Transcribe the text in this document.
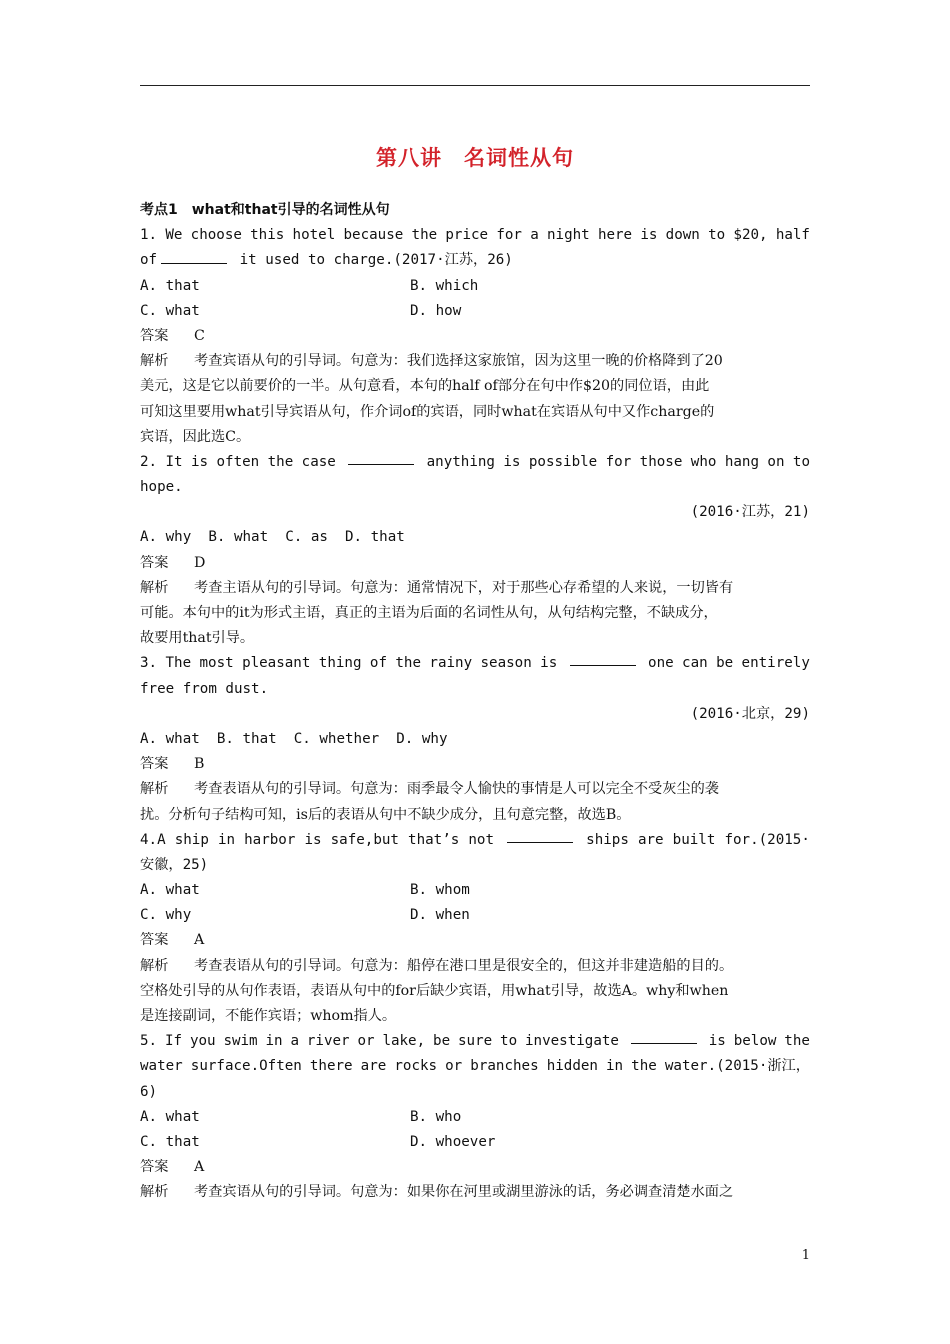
第八讲 名词性从句
考点1 what和that引导的名词性从句
1. We choose this hotel because the price for a night here is down to $20, half
of	it used to charge.(2017·江苏，26)
A. that	B. which
C. what	D. how
答案 C
解析 考查宾语从句的引导词。句意为：我们选择这家旅馆，因为这里一晚的价格降到了20
美元，这是它以前要价的一半。从句意看，本句的half of部分在句中作$20的同位语，由此
可知这里要用what引导宾语从句，作介词of的宾语，同时what在宾语从句中又作charge的
宾语，因此选C。
2. It is often the case	anything is possible for those who hang on to
hope.
(2016·江苏，21)
A. why  B. what  C. as  D. that
答案 D
解析 考查主语从句的引导词。句意为：通常情况下，对于那些心存希望的人来说，一切皆有
可能。本句中的it为形式主语，真正的主语为后面的名词性从句，从句结构完整，不缺成分，
故要用that引导。
3. The most pleasant thing of the rainy season is	one can be entirely
free from dust.
(2016·北京，29)
A. what  B. that  C. whether  D. why
答案 B
解析 考查表语从句的引导词。句意为：雨季最令人愉快的事情是人可以完全不受灰尘的袭
扰。分析句子结构可知，is后的表语从句中不缺少成分，且句意完整，故选B。
4.A ship in harbor is safe,but that’s not	ships are built for.(2015·
安徽，25)
A. what	B. whom
C. why	D. when
答案 A
解析 考查表语从句的引导词。句意为：船停在港口里是很安全的，但这并非建造船的目的。
空格处引导的从句作表语，表语从句中的for后缺少宾语，用what引导，故选A。why和when
是连接副词，不能作宾语；whom指人。
5. If you swim in a river or lake, be sure to investigate	is below the
water surface.Often there are rocks or branches hidden in the water.(2015·浙江，
6)
A. what	B. who
C. that	D. whoever
答案 A
解析 考查宾语从句的引导词。句意为：如果你在河里或湖里游泳的话，务必调查清楚水面之
1
